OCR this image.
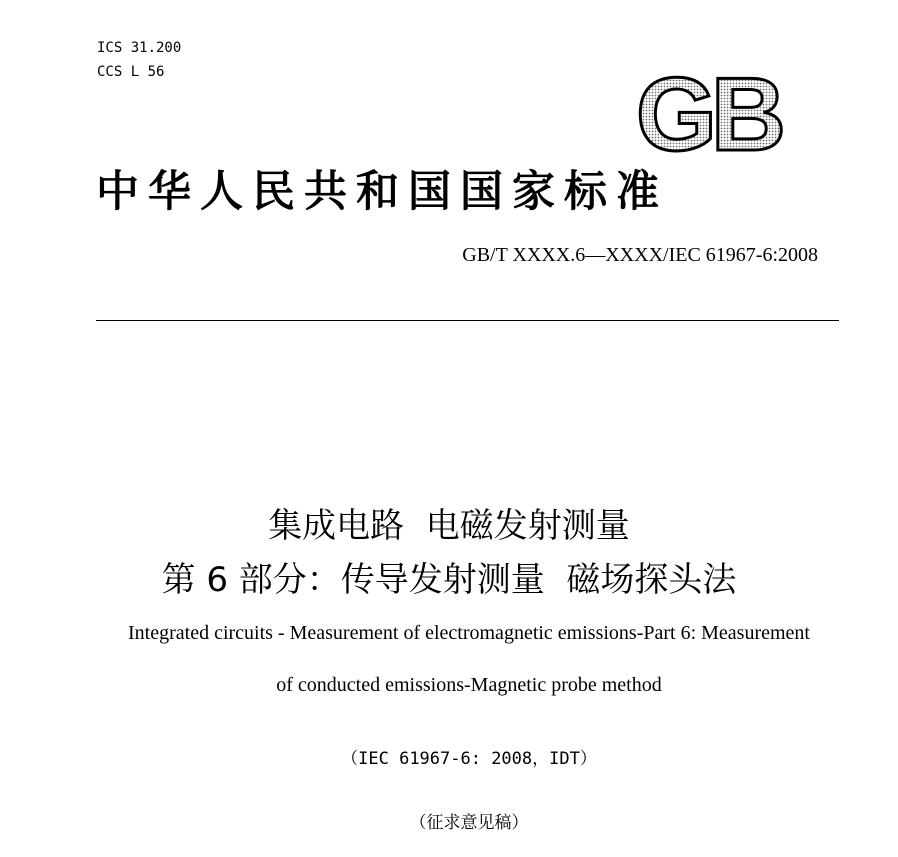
ICS 31.200
CCS L 56	GB
中华人民共和国国家标准
GB/T XXXX.6—XXXX/IEC 61967-6:2008
集成电路  电磁发射测量
第 6 部分：传导发射测量  磁场探头法
Integrated circuits - Measurement of electromagnetic emissions-Part 6: Measurement
of conducted emissions-Magnetic probe method
（IEC 61967-6: 2008，IDT）
（征求意见稿）
